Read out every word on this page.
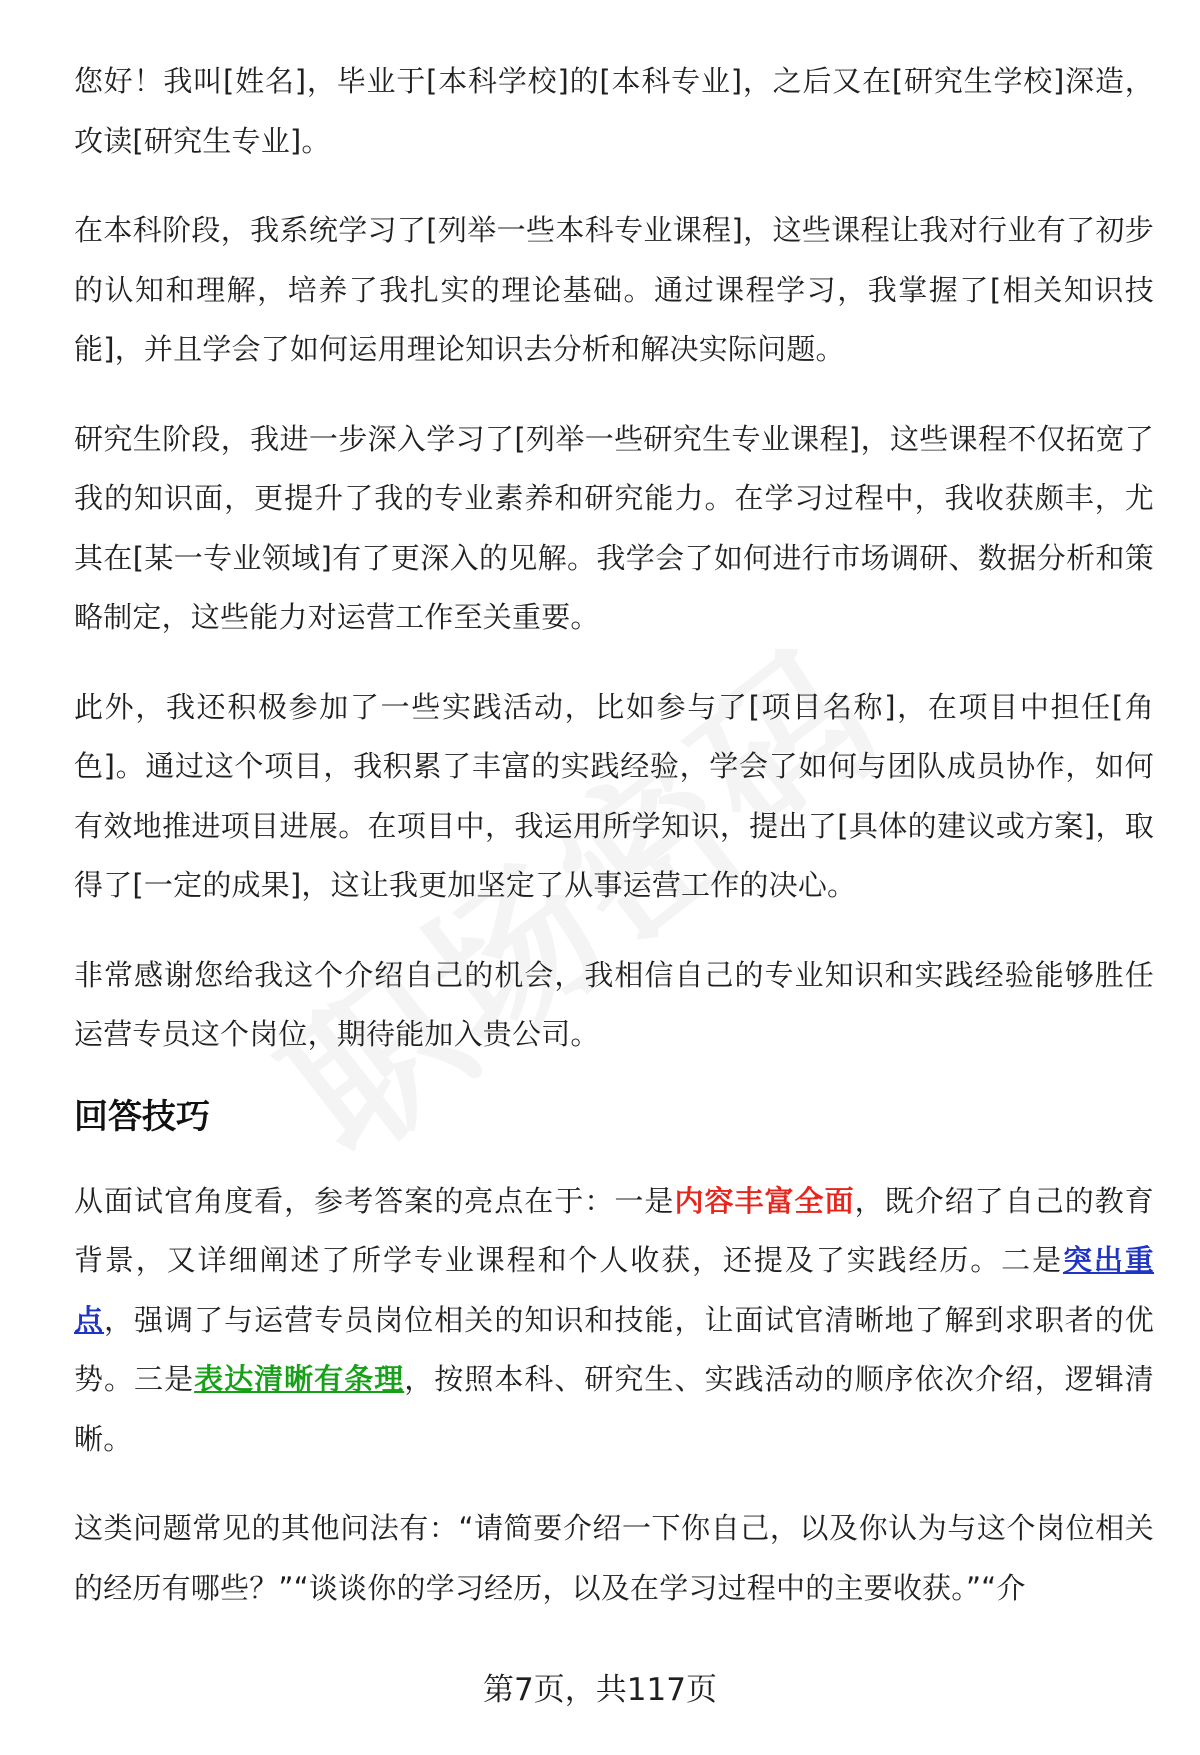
您好！我叫[姓名]，毕业于[本科学校]的[本科专业]，之后又在[研究生学校]深造，攻读[研究生专业]。

在本科阶段，我系统学习了[列举一些本科专业课程]，这些课程让我对行业有了初步的认知和理解，培养了我扎实的理论基础。通过课程学习，我掌握了[相关知识技能]，并且学会了如何运用理论知识去分析和解决实际问题。

研究生阶段，我进一步深入学习了[列举一些研究生专业课程]，这些课程不仅拓宽了我的知识面，更提升了我的专业素养和研究能力。在学习过程中，我收获颇丰，尤其在[某一专业领域]有了更深入的见解。我学会了如何进行市场调研、数据分析和策略制定，这些能力对运营工作至关重要。

此外，我还积极参加了一些实践活动，比如参与了[项目名称]，在项目中担任[角色]。通过这个项目，我积累了丰富的实践经验，学会了如何与团队成员协作，如何有效地推进项目进展。在项目中，我运用所学知识，提出了[具体的建议或方案]，取得了[一定的成果]，这让我更加坚定了从事运营工作的决心。

非常感谢您给我这个介绍自己的机会，我相信自己的专业知识和实践经验能够胜任运营专员这个岗位，期待能加入贵公司。

回答技巧

从面试官角度看，参考答案的亮点在于：一是内容丰富全面，既介绍了自己的教育背景，又详细阐述了所学专业课程和个人收获，还提及了实践经历。二是突出重点，强调了与运营专员岗位相关的知识和技能，让面试官清晰地了解到求职者的优势。三是表达清晰有条理，按照本科、研究生、实践活动的顺序依次介绍，逻辑清晰。

这类问题常见的其他问法有：“请简要介绍一下你自己，以及你认为与这个岗位相关的经历有哪些？”“谈谈你的学习经历，以及在学习过程中的主要收获。”“介

第7页，共117页
